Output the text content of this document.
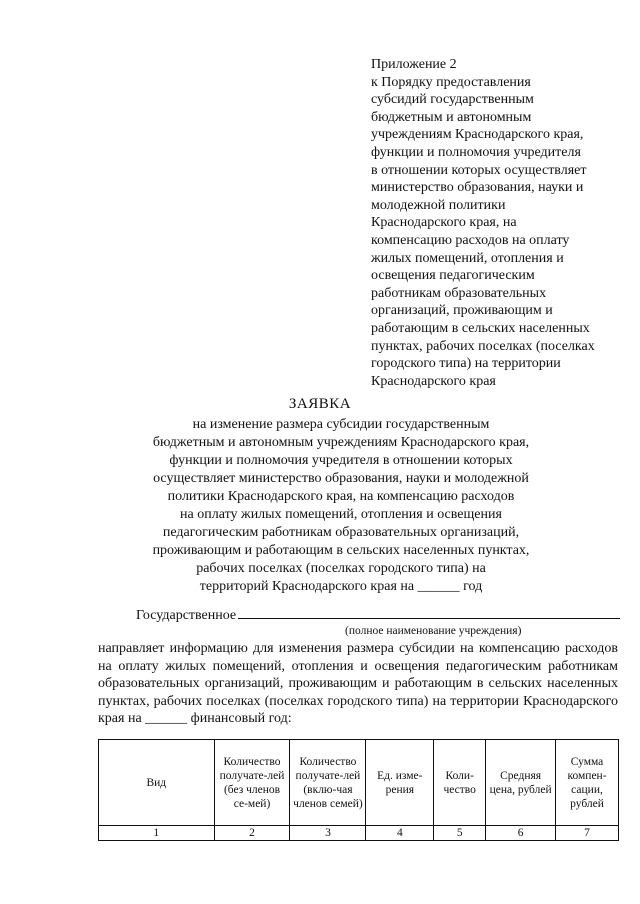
Приложение 2
к Порядку предоставления
субсидий государственным
бюджетным и автономным
учреждениям Краснодарского края,
функции и полномочия учредителя
в отношении которых осуществляет
министерство образования, науки и
молодежной политики
Краснодарского края, на
компенсацию расходов на оплату
жилых помещений, отопления и
освещения педагогическим
работникам образовательных
организаций, проживающим и
работающим в сельских населенных
пунктах, рабочих поселках (поселках
городского типа) на территории
Краснодарского края
ЗАЯВКА
на изменение размера субсидии государственным
бюджетным и автономным учреждениям Краснодарского края,
функции и полномочия учредителя в отношении которых
осуществляет министерство образования, науки и молодежной
политики Краснодарского края, на компенсацию расходов
на оплату жилых помещений, отопления и освещения
педагогическим работникам образовательных организаций,
проживающим и работающим в сельских населенных пунктах,
рабочих поселках (поселках городского типа) на
территорий Краснодарского края на ______ год
Государственное
(полное наименование учреждения)
направляет информацию для изменения размера субсидии на компенсацию расходов на оплату жилых помещений, отопления и освещения педагогическим работникам образовательных организаций, проживающим и работающим в сельских населенных пунктах, рабочих поселках (поселках городского типа) на территории Краснодарского края на ______ финансовый год:
Вид	Количество получате-лей (без членов се-мей)	Количество получате-лей (вклю-чая членов семей)	Ед. изме-рения	Коли-чество	Средняя цена, рублей	Сумма компен-сации, рублей
1	2	3	4	5	6	7
